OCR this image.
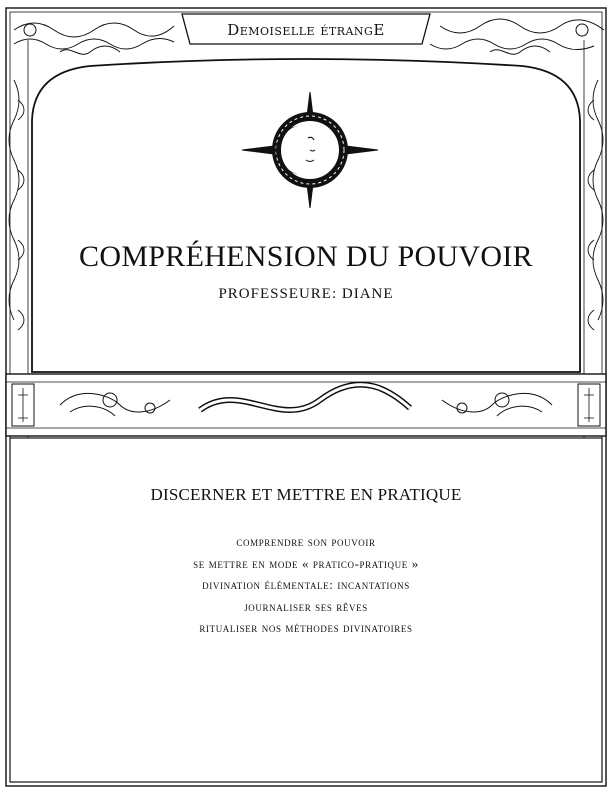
Demoiselle étrangE
COMPRÉHENSION DU POUVOIR
PROFESSEURE: DIANE
DISCERNER ET METTRE EN PRATIQUE
comprendre son pouvoir
se mettre en mode « pratico-pratique »
divination élémentale: incantations
journaliser ses rêves
ritualiser nos méthodes divinatoires
